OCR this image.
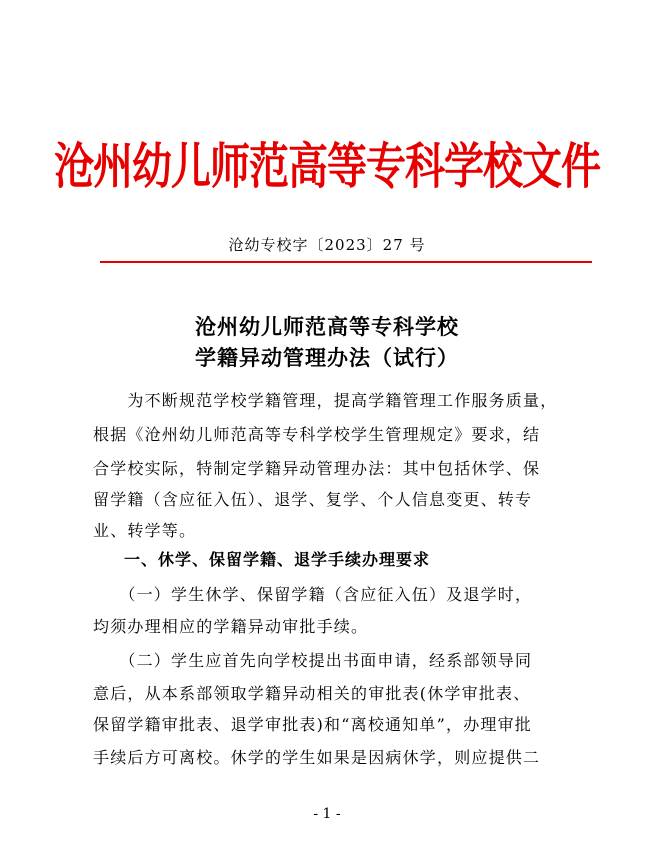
沧州幼儿师范高等专科学校文件
沧幼专校字〔2023〕27 号
沧州幼儿师范高等专科学校
学籍异动管理办法（试行）
　　为不断规范学校学籍管理，提高学籍管理工作服务质量，
根据《沧州幼儿师范高等专科学校学生管理规定》要求，结
合学校实际，特制定学籍异动管理办法：其中包括休学、保
留学籍（含应征入伍）、退学、复学、个人信息变更、转专
业、转学等。
一、休学、保留学籍、退学手续办理要求
　　（一）学生休学、保留学籍（含应征入伍）及退学时，
均须办理相应的学籍异动审批手续。
　　（二）学生应首先向学校提出书面申请，经系部领导同
意后，从本系部领取学籍异动相关的审批表(休学审批表、
保留学籍审批表、退学审批表)和“离校通知单”，办理审批
手续后方可离校。休学的学生如果是因病休学，则应提供二
- 1 -
